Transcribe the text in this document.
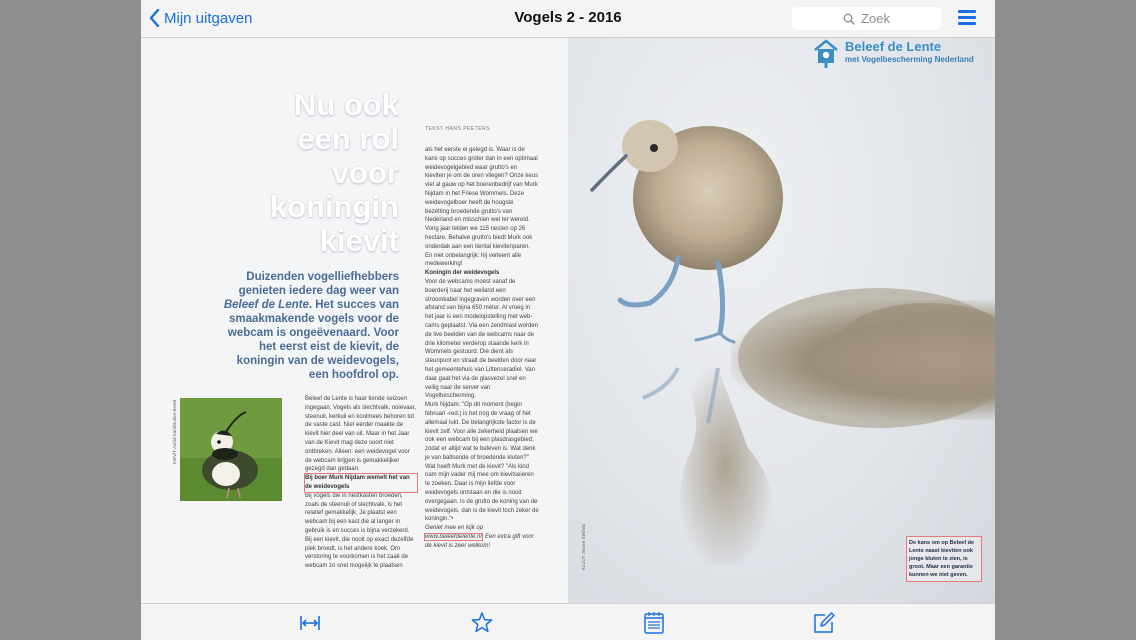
Mijn uitgaven	Vogels 2 - 2016	Zoek
Beleef de Lente
met Vogelbescherming Nederland
Nu ook
een rol
voor
koningin
kievit
Duizenden vogelliefhebbers genieten iedere dag weer van Beleef de Lente. Het succes van smaakmakende vogels voor de webcam is ongeëvenaard. Voor het eerst eist de kievit, de koningin van de weidevogels, een hoofdrol op.
KIEVIT Astrid Kant/Buiten-Beeld
Beleef de Lente is haar tiende seizoen ingegaan. Vogels als slechtvalk, ooievaar, steenuil, kerkuil en koolmees behoren tot de vaste cast. Niet eerder maakte de kievit hier deel van uit. Maar in het Jaar van de Kievit mag deze soort niet ontbreken. Alleen: een weidevogel voor de webcam krijgen is gemakkelijker gezegd dan gedaan.
Bij boer Murk Nijdam wemelt het van de weidevogels
Bij vogels die in nestkasten broeden, zoals de steenuil of slechtvalk, is het relatief gemakkelijk. Je plaatst een webcam bij een kast die al langer in gebruik is en succes is bijna verzekerd. Bij een kievit, die nooit op exact dezelfde plek broedt, is het andere koek. Om verstoring te voorkomen is het zaak de webcam zo snel mogelijk te plaatsen
TEKST HANS PEETERS
als het eerste ei gelegd is. Waar is de kans op succes groter dan in een optimaal weidevogelgebied waar grutto's en kieviten je om de oren vliegen? Onze keus viel al gauw op het boerenbedrijf van Murk Nijdam in het Friese Wommels. Deze weidevogelboer heeft de hoogste bezetting broedende grutto's van Nederland en misschien wel ter wereld. Vorig jaar telden we 115 nesten op 26 hectare. Behalve grutto's biedt Murk ook onderdak aan een tiental kievitenparen. En niet onbelangrijk: hij verleent alle medewerking!
Koningin der weidevogels
Voor de webcams moest vanaf de boerderij naar het weiland een stroomkabel ingegraven worden over een afstand van bijna 650 meter. Al vroeg in het jaar is een modelopstelling met web-cams geplaatst. Via een zendmast worden de live beelden van de webcams naar de drie kilometer verderop staande kerk in Wommels gestuurd. Die dient als steunpunt en straalt de beelden door naar het gemeentehuis van Littenseradiel. Van daar gaat het via de glasvezel snel en veilig naar de server van Vogelbescherming.
Murk Nijdam: "Op dit moment (begin februari -red.) is het nog de vraag of het allemaal lukt. De belangrijkste factor is de kievit zelf. Voor alle zekerheid plaatsen we ook een webcam bij een plasdrasgebied, zodat er altijd wat te beleven is. Wat denk je van baltsende of broedende kluten?"
Wat heeft Murk met de kievit? "Als kind nam mijn vader mij mee om kievitseieren te zoeken. Daar is mijn liefde voor weidevogels ontstaan en die is nooit overgegaan. Is de grutto de koning van de weidevogels, dan is de kievit toch zeker de koningin."•
Geniet mee en kijk op www.beleefdelente.nl. Een extra gift voor de kievit is zeer welkom!	KLUUT Jeroen Stel/Via	De kans om op Beleef de Lente naast kieviten ook jonge kluten te zien, is groot. Maar een garantie kunnen we niet geven.
